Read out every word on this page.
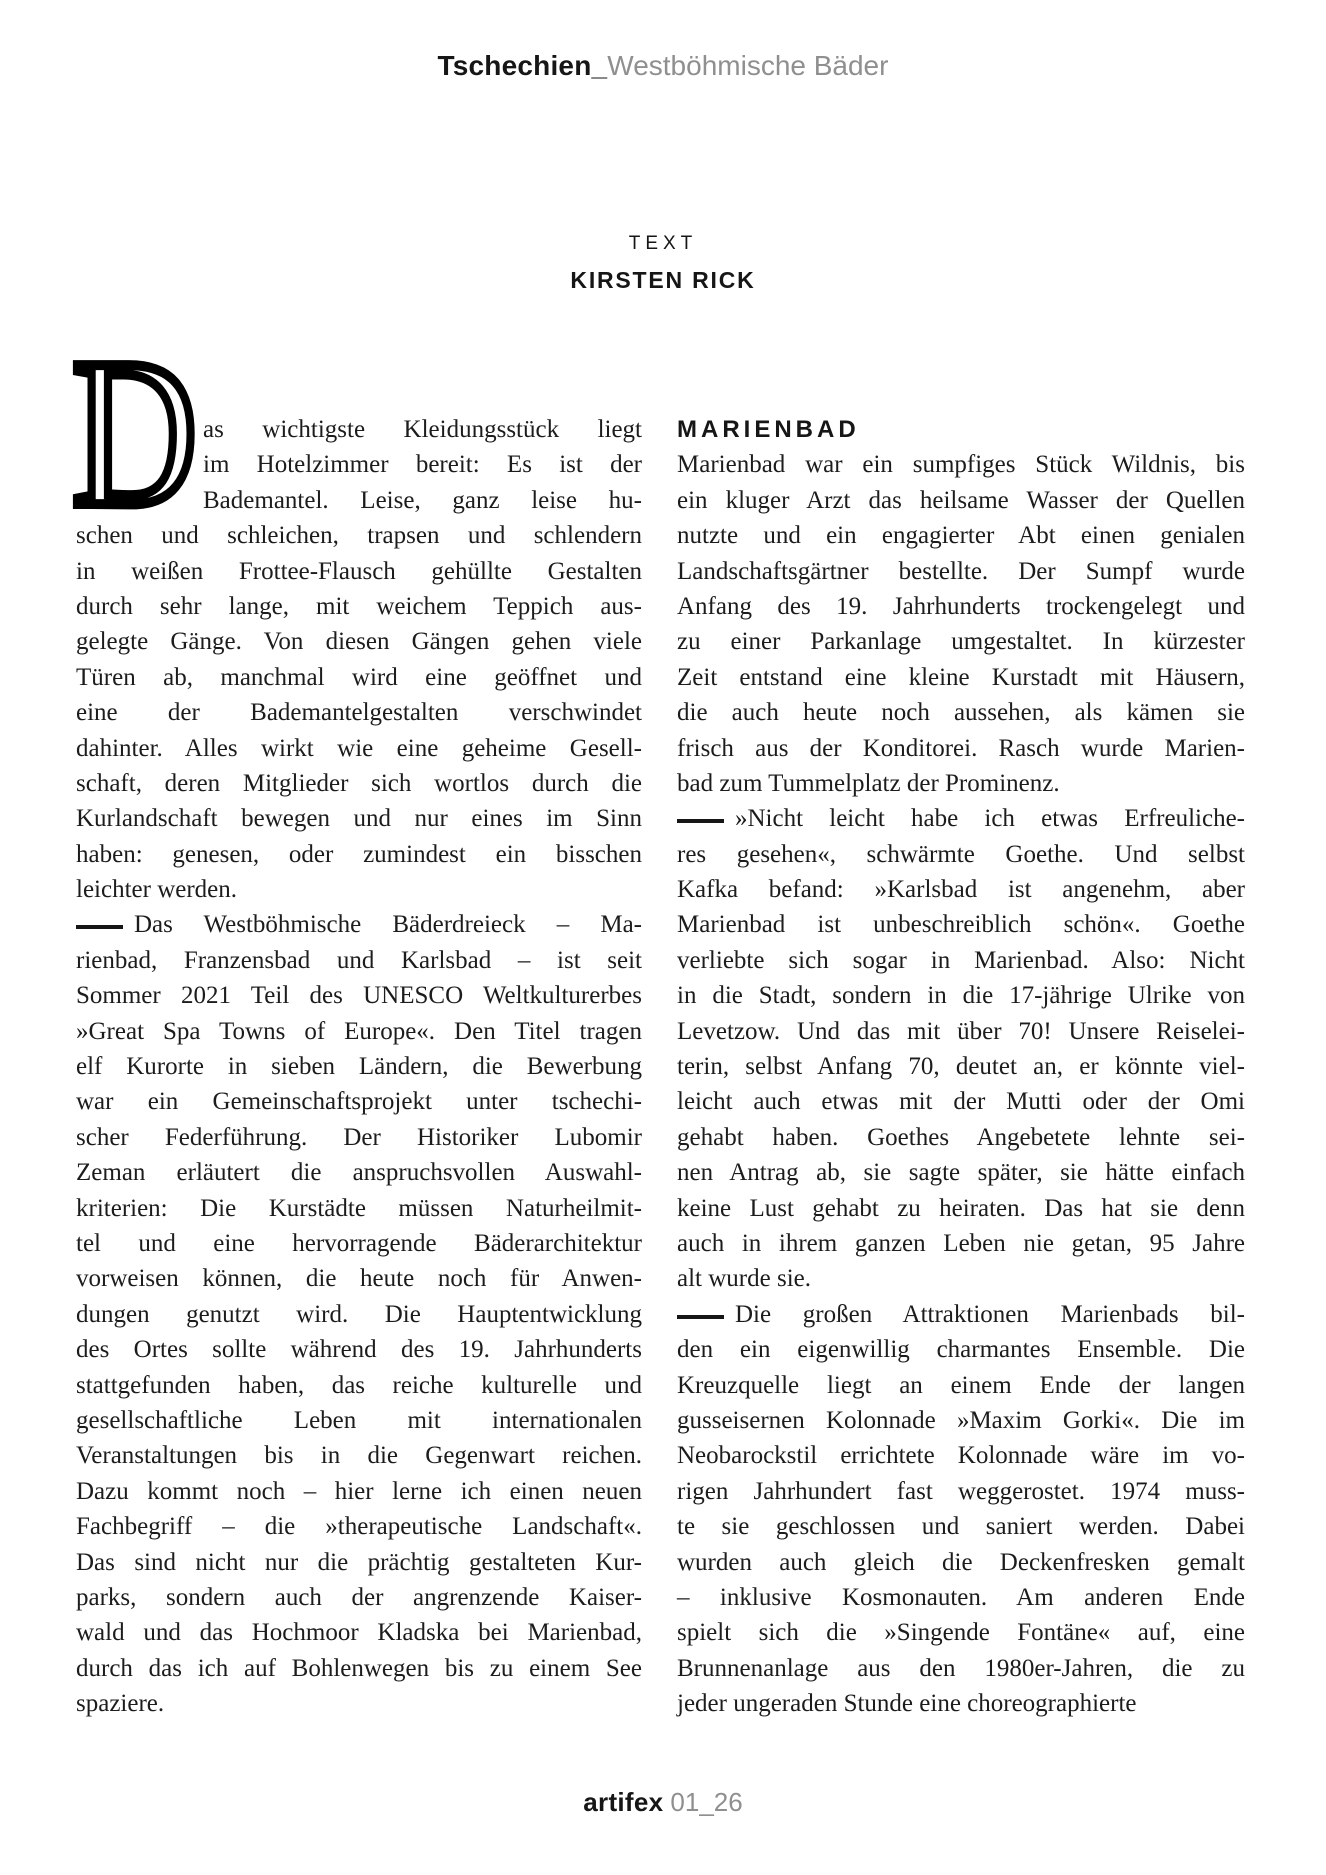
Tschechien_Westböhmische Bäder
TEXT
KIRSTEN RICK
D as wichtigste Kleidungsstück liegt
im Hotelzimmer bereit: Es ist der
Bademantel. Leise, ganz leise hu-
schen und schleichen, trapsen und schlendern
in weißen Frottee-Flausch gehüllte Gestalten
durch sehr lange, mit weichem Teppich aus-
gelegte Gänge. Von diesen Gängen gehen viele
Türen ab, manchmal wird eine geöffnet und
eine der Bademantelgestalten verschwindet
dahinter. Alles wirkt wie eine geheime Gesell-
schaft, deren Mitglieder sich wortlos durch die
Kurlandschaft bewegen und nur eines im Sinn
haben: genesen, oder zumindest ein bisschen
leichter werden.
Das Westböhmische Bäderdreieck – Ma-
rienbad, Franzensbad und Karlsbad – ist seit
Sommer 2021 Teil des UNESCO Weltkulturerbes
»Great Spa Towns of Europe«. Den Titel tragen
elf Kurorte in sieben Ländern, die Bewerbung
war ein Gemeinschaftsprojekt unter tschechi-
scher Federführung. Der Historiker Lubomir
Zeman erläutert die anspruchsvollen Auswahl-
kriterien: Die Kurstädte müssen Naturheilmit-
tel und eine hervorragende Bäderarchitektur
vorweisen können, die heute noch für Anwen-
dungen genutzt wird. Die Hauptentwicklung
des Ortes sollte während des 19. Jahrhunderts
stattgefunden haben, das reiche kulturelle und
gesellschaftliche Leben mit internationalen
Veranstaltungen bis in die Gegenwart reichen.
Dazu kommt noch – hier lerne ich einen neuen
Fachbegriff – die »therapeutische Landschaft«.
Das sind nicht nur die prächtig gestalteten Kur-
parks, sondern auch der angrenzende Kaiser-
wald und das Hochmoor Kladska bei Marienbad,
durch das ich auf Bohlenwegen bis zu einem See
spaziere.
MARIENBAD
Marienbad war ein sumpfiges Stück Wildnis, bis
ein kluger Arzt das heilsame Wasser der Quellen
nutzte und ein engagierter Abt einen genialen
Landschaftsgärtner bestellte. Der Sumpf wurde
Anfang des 19. Jahrhunderts trockengelegt und
zu einer Parkanlage umgestaltet. In kürzester
Zeit entstand eine kleine Kurstadt mit Häusern,
die auch heute noch aussehen, als kämen sie
frisch aus der Konditorei. Rasch wurde Marien-
bad zum Tummelplatz der Prominenz.
»Nicht leicht habe ich etwas Erfreuliche-
res gesehen«, schwärmte Goethe. Und selbst
Kafka befand: »Karlsbad ist angenehm, aber
Marienbad ist unbeschreiblich schön«. Goethe
verliebte sich sogar in Marienbad. Also: Nicht
in die Stadt, sondern in die 17-jährige Ulrike von
Levetzow. Und das mit über 70! Unsere Reiselei-
terin, selbst Anfang 70, deutet an, er könnte viel-
leicht auch etwas mit der Mutti oder der Omi
gehabt haben. Goethes Angebetete lehnte sei-
nen Antrag ab, sie sagte später, sie hätte einfach
keine Lust gehabt zu heiraten. Das hat sie denn
auch in ihrem ganzen Leben nie getan, 95 Jahre
alt wurde sie.
Die großen Attraktionen Marienbads bil-
den ein eigenwillig charmantes Ensemble. Die
Kreuzquelle liegt an einem Ende der langen
gusseisernen Kolonnade »Maxim Gorki«. Die im
Neobarockstil errichtete Kolonnade wäre im vo-
rigen Jahrhundert fast weggerostet. 1974 muss-
te sie geschlossen und saniert werden. Dabei
wurden auch gleich die Deckenfresken gemalt
– inklusive Kosmonauten. Am anderen Ende
spielt sich die »Singende Fontäne« auf, eine
Brunnenanlage aus den 1980er-Jahren, die zu
jeder ungeraden Stunde eine choreographierte
artifex 01_26
